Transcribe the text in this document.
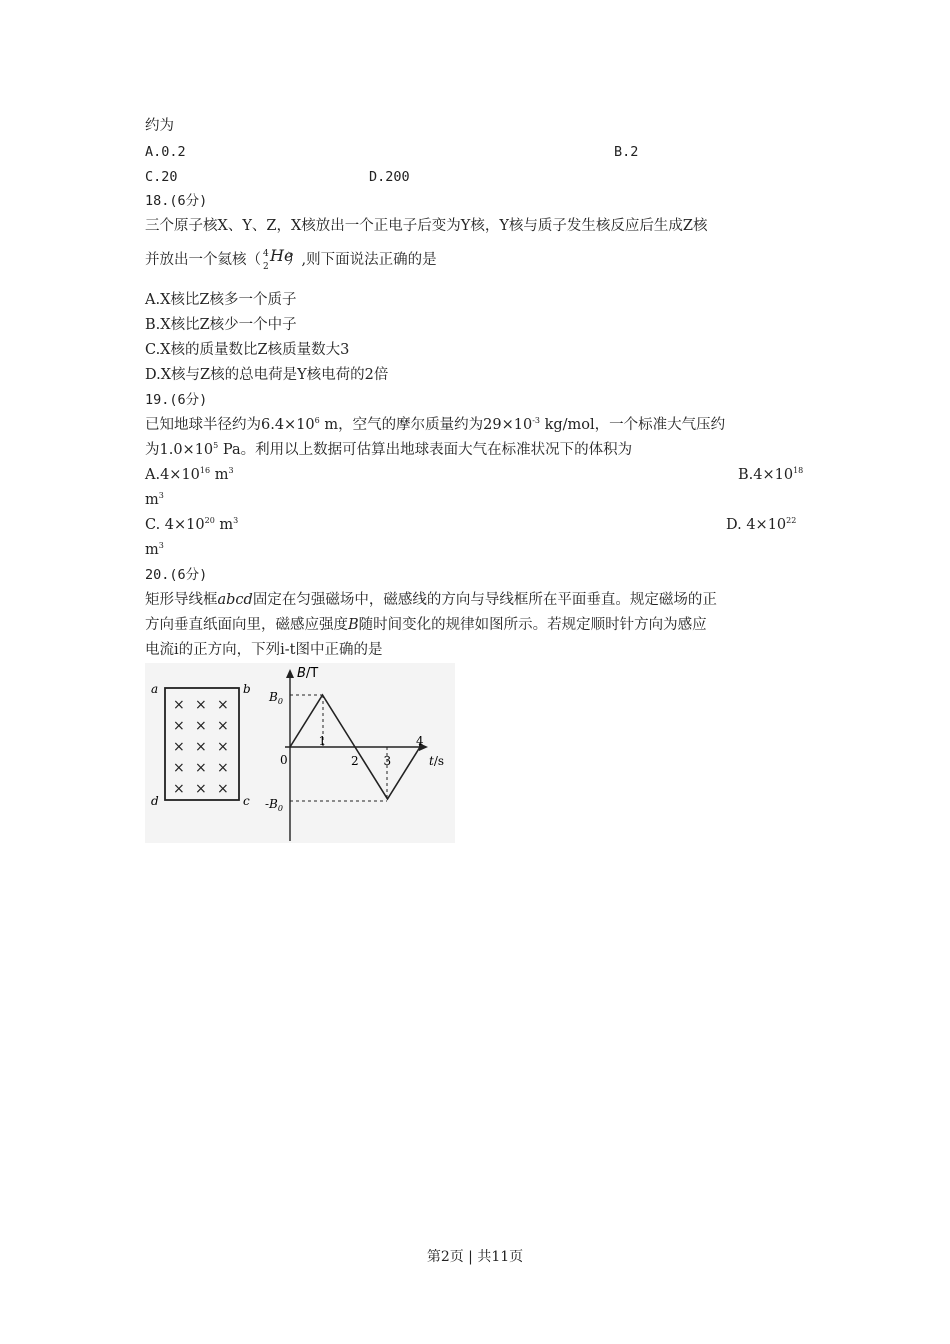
约为
A.0.2	B.2
C.20	D.200
18.(6分)
三个原子核X、Y、Z，X核放出一个正电子后变为Y核，Y核与质子发生核反应后生成Z核
并放出一个氦核（ 4
2
He
）,则下面说法正确的是
A.X核比Z核多一个质子
B.X核比Z核少一个中子
C.X核的质量数比Z核质量数大3
D.X核与Z核的总电荷是Y核电荷的2倍
19.(6分)
已知地球半径约为$6.4\times 10^6$ m，空气的摩尔质量约为$29\times 10^{-3}$ kg/mol，一个标准大气压约
为$1.0\times 10^5$ Pa。利用以上数据可估算出地球表面大气在标准状况下的体积为
$A.4\times 10^{16}$ $m^3$	$B.4\times 10^{18}$
$m^3$
C. $4\times 10^{20}$ $m^3$	D. $4\times 10^{22}$
$m^3$
20.(6分)
矩形导线框abcd固定在匀强磁场中，磁感线的方向与导线框所在平面垂直。规定磁场的正
方向垂直纸面向里，磁感应强度B随时间变化的规律如图所示。若规定顺时针方向为感应
电流i的正方向，下列i-t图中正确的是
a	b
c
d
× × ×
× × ×
× × ×
× × ×
× × ×
B/T
t/s
0
$B_0$
$-B_0$
1
2 3
4
第2页 | 共11页
